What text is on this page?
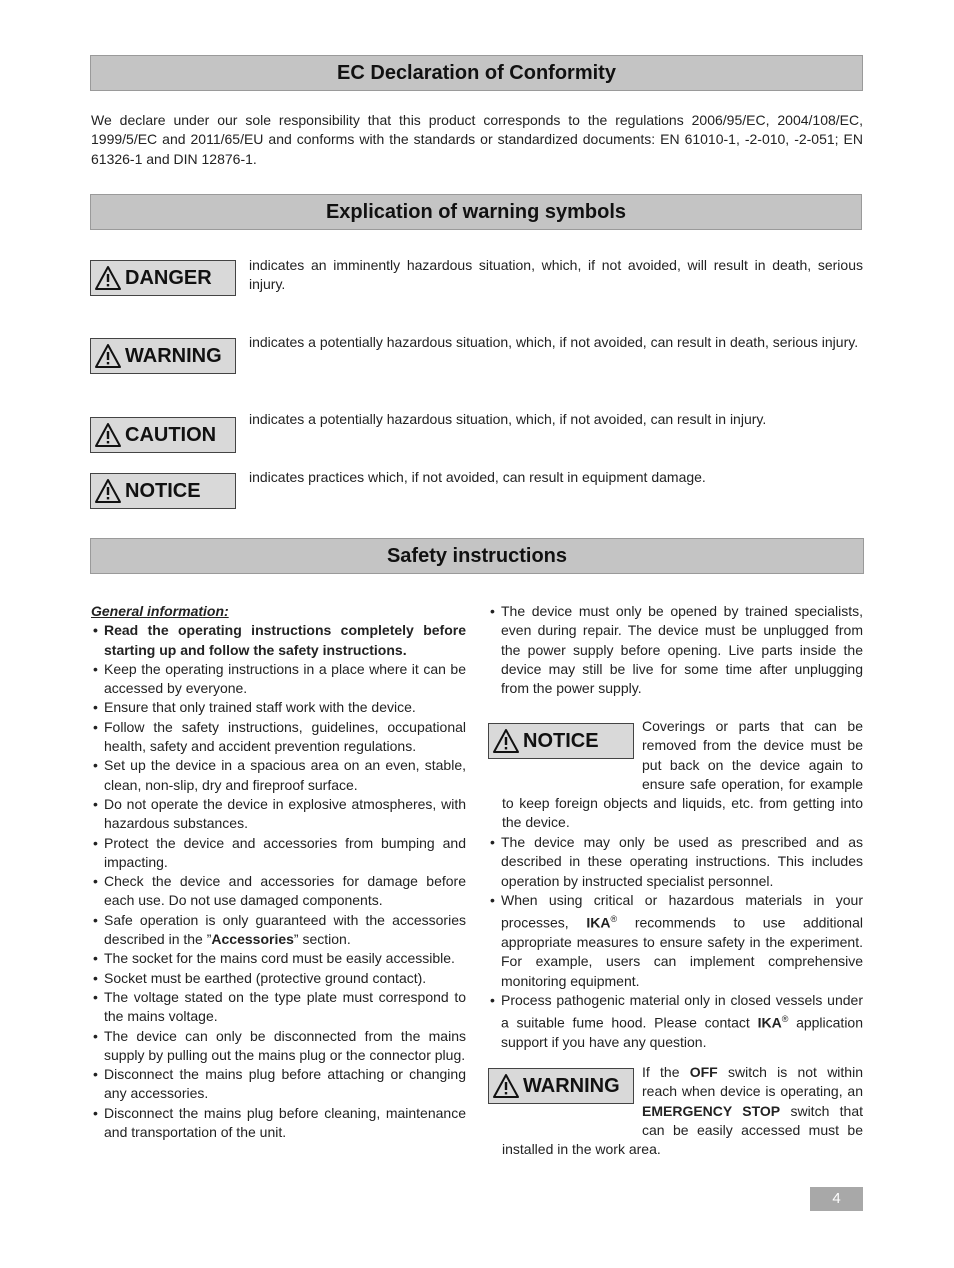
EC Declaration of Conformity
We declare under our sole responsibility that this product corresponds to the regulations 2006/95/EC, 2004/108/EC, 1999/5/EC and 2011/65/EU and conforms with the standards or standardized documents: EN 61010-1, -2-010, -2-051; EN 61326-1 and DIN 12876-1.
Explication of warning symbols
DANGER
indicates an imminently hazardous situation, which, if not avoided, will result in death, serious injury.
WARNING
indicates a potentially hazardous situation, which, if not avoided, can result in death, serious injury.
CAUTION
indicates a potentially hazardous situation, which, if not avoided, can result in injury.
NOTICE
indicates practices which, if not avoided, can result in equipment damage.
Safety instructions
General information:
• Read the operating instructions completely before starting up and follow the safety instructions.
• Keep the operating instructions in a place where it can be accessed by everyone.
• Ensure that only trained staff work with the device.
• Follow the safety instructions, guidelines, occupational health, safety and accident prevention regulations.
• Set up the device in a spacious area on an even, stable, clean, non-slip, dry and fireproof surface.
• Do not operate the device in explosive atmospheres, with hazardous substances.
• Protect the device and accessories from bumping and impacting.
• Check the device and accessories for damage before each use. Do not use damaged components.
• Safe operation is only guaranteed with the accessories described in the ”Accessories” section.
• The socket for the mains cord must be easily accessible.
• Socket must be earthed (protective ground contact).
• The voltage stated on the type plate must correspond to the mains voltage.
• The device can only be disconnected from the mains supply by pulling out the mains plug or the connector plug.
• Disconnect the mains plug before attaching or changing any accessories.
• Disconnect the mains plug before cleaning, maintenance and transportation of the unit.
• The device must only be opened by trained specialists, even during repair. The device must be unplugged from the power supply before opening. Live parts inside the device may still be live for some time after unplugging from the power supply.
NOTICE
Coverings or parts that can be removed from the device must be put back on the device again to ensure safe operation, for example to keep foreign objects and liquids, etc. from getting into the device.
• The device may only be used as prescribed and as described in these operating instructions. This includes operation by instructed specialist personnel.
• When using critical or hazardous materials in your processes, IKA® recommends to use additional appropriate measures to ensure safety in the experiment. For example, users can implement comprehensive monitoring equipment.
• Process pathogenic material only in closed vessels under a suitable fume hood. Please contact IKA® application support if you have any question.
WARNING
If the OFF switch is not within reach when device is operating, an EMERGENCY STOP switch that can be easily accessed must be installed in the work area.
4
